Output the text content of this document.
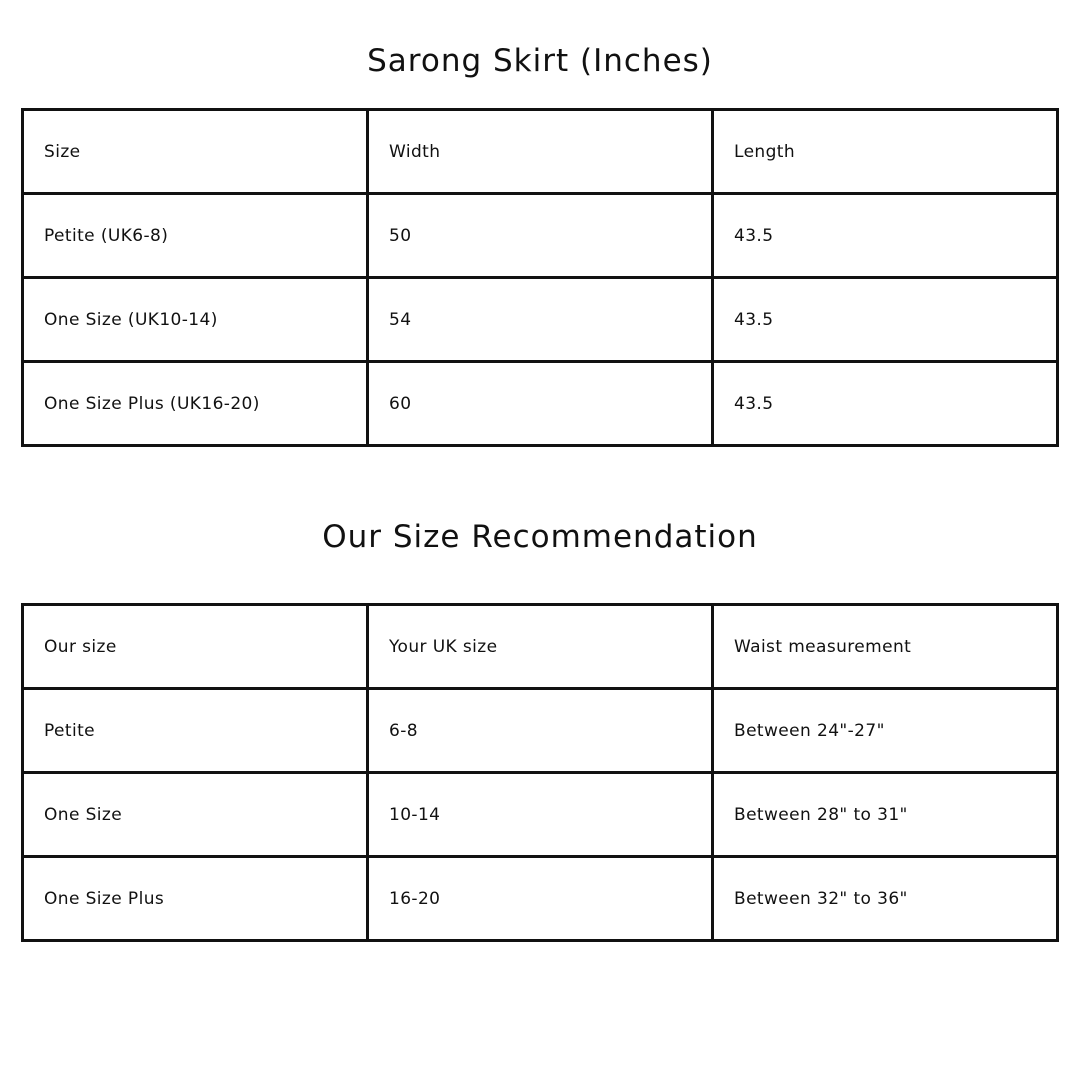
Sarong Skirt (Inches)
Size	Width	Length
Petite (UK6-8)	50	43.5
One Size (UK10-14)	54	43.5
One Size Plus (UK16-20)	60	43.5
Our Size Recommendation
Our size	Your UK size	Waist measurement
Petite	6-8	Between 24"-27"
One Size	10-14	Between 28" to 31"
One Size Plus	16-20	Between 32" to 36"
